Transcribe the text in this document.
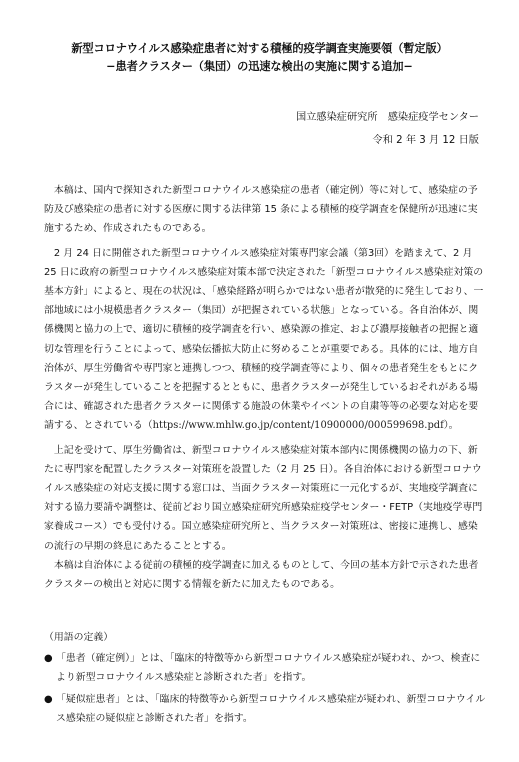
新型コロナウイルス感染症患者に対する積極的疫学調査実施要領（暫定版）
−患者クラスター（集団）の迅速な検出の実施に関する追加−
国立感染症研究所　感染症疫学センター
令和 2 年 3 月 12 日版

本稿は、国内で探知された新型コロナウイルス感染症の患者（確定例）等に対して、感染症の予防及び感染症の患者に対する医療に関する法律第 15 条による積極的疫学調査を保健所が迅速に実施するため、作成されたものである。

2 月 24 日に開催された新型コロナウイルス感染症対策専門家会議（第3回）を踏まえて、2 月 25 日に政府の新型コロナウイルス感染症対策本部で決定された「新型コロナウイルス感染症対策の基本方針」によると、現在の状況は、「感染経路が明らかではない患者が散発的に発生しており、一部地域には小規模患者クラスター（集団）が把握されている状態」となっている。各自治体が、関係機関と協力の上で、適切に積極的疫学調査を行い、感染源の推定、および濃厚接触者の把握と適切な管理を行うことによって、感染伝播拡大防止に努めることが重要である。具体的には、地方自治体が、厚生労働省や専門家と連携しつつ、積極的疫学調査等により、個々の患者発生をもとにクラスターが発生していることを把握するとともに、患者クラスターが発生しているおそれがある場合には、確認された患者クラスターに関係する施設の休業やイベントの自粛等等の必要な対応を要請する、とされている（https://www.mhlw.go.jp/content/10900000/000599698.pdf）。

上記を受けて、厚生労働省は、新型コロナウイルス感染症対策本部内に関係機関の協力の下、新たに専門家を配置したクラスター対策班を設置した（2 月 25 日）。各自治体における新型コロナウイルス感染症の対応支援に関する窓口は、当面クラスター対策班に一元化するが、実地疫学調査に対する協力要請や調整は、従前どおり国立感染症研究所感染症疫学センター・FETP（実地疫学専門家養成コース）でも受付ける。国立感染症研究所と、当クラスター対策班は、密接に連携し、感染の流行の早期の終息にあたることとする。

本稿は自治体による従前の積極的疫学調査に加えるものとして、今回の基本方針で示された患者クラスターの検出と対応に関する情報を新たに加えたものである。

（用語の定義）

● 「患者（確定例）」とは、「臨床的特徴等から新型コロナウイルス感染症が疑われ、かつ、検査により新型コロナウイルス感染症と診断された者」を指す。
● 「疑似症患者」とは、「臨床的特徴等から新型コロナウイルス感染症が疑われ、新型コロナウイルス感染症の疑似症と診断された者」を指す。
